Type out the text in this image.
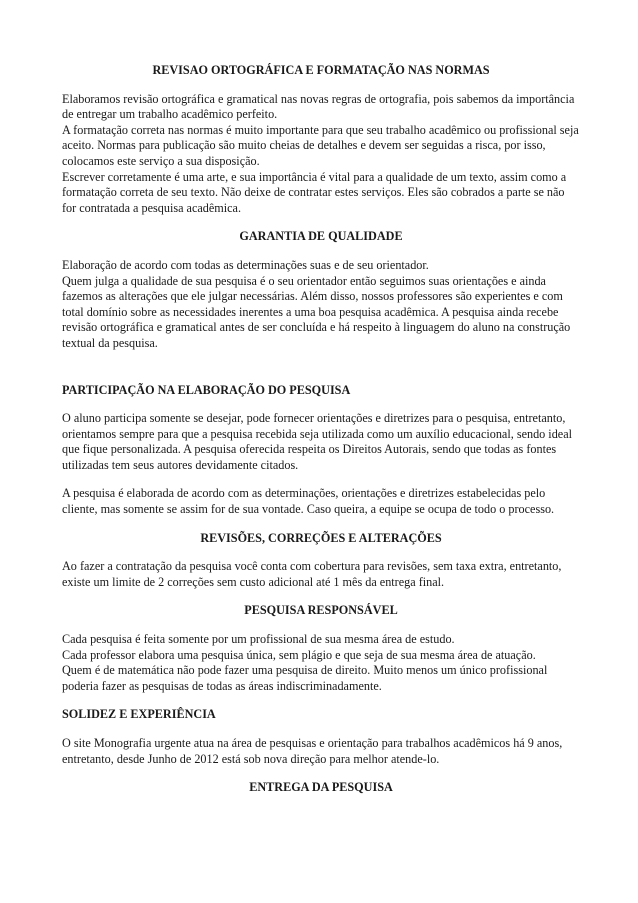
REVISAO ORTOGRÁFICA E FORMATAÇÃO NAS NORMAS

Elaboramos revisão ortográfica e gramatical nas novas regras de ortografia, pois sabemos da importância de entregar um trabalho acadêmico perfeito.

A formatação correta nas normas é muito importante para que seu trabalho acadêmico ou profissional seja aceito. Normas para publicação são muito cheias de detalhes e devem ser seguidas a risca, por isso, colocamos este serviço a sua disposição.

Escrever corretamente é uma arte, e sua importância é vital para a qualidade de um texto, assim como a formatação correta de seu texto. Não deixe de contratar estes serviços. Eles são cobrados a parte se não for contratada a pesquisa acadêmica.

GARANTIA DE QUALIDADE

Elaboração de acordo com todas as determinações suas e de seu orientador.

Quem julga a qualidade de sua pesquisa é o seu orientador então seguimos suas orientações e ainda fazemos as alterações que ele julgar necessárias. Além disso, nossos professores são experientes e com total domínio sobre as necessidades inerentes a uma boa pesquisa acadêmica. A pesquisa ainda recebe revisão ortográfica e gramatical antes de ser concluída e há respeito à linguagem do aluno na construção textual da pesquisa.

PARTICIPAÇÃO NA ELABORAÇÃO DO PESQUISA

O aluno participa somente se desejar, pode fornecer orientações e diretrizes para o pesquisa, entretanto, orientamos sempre para que a pesquisa recebida seja utilizada como um auxílio educacional, sendo ideal que fique personalizada. A pesquisa oferecida respeita os Direitos Autorais, sendo que todas as fontes utilizadas tem seus autores devidamente citados.

A pesquisa é elaborada de acordo com as determinações, orientações e diretrizes estabelecidas pelo cliente, mas somente se assim for de sua vontade. Caso queira, a equipe se ocupa de todo o processo.

REVISÕES, CORREÇÕES E ALTERAÇÕES

Ao fazer a contratação da pesquisa você conta com cobertura para revisões, sem taxa extra, entretanto, existe um limite de 2 correções sem custo adicional até 1 mês da entrega final.

PESQUISA RESPONSÁVEL

Cada pesquisa é feita somente por um profissional de sua mesma área de estudo.

Cada professor elabora uma pesquisa única, sem plágio e que seja de sua mesma área de atuação.

Quem é de matemática não pode fazer uma pesquisa de direito. Muito menos um único profissional poderia fazer as pesquisas de todas as áreas indiscriminadamente.

SOLIDEZ E EXPERIÊNCIA

O site Monografia urgente atua na área de pesquisas e orientação para trabalhos acadêmicos há 9 anos, entretanto, desde Junho de 2012 está sob nova direção para melhor atende-lo.

ENTREGA DA PESQUISA
